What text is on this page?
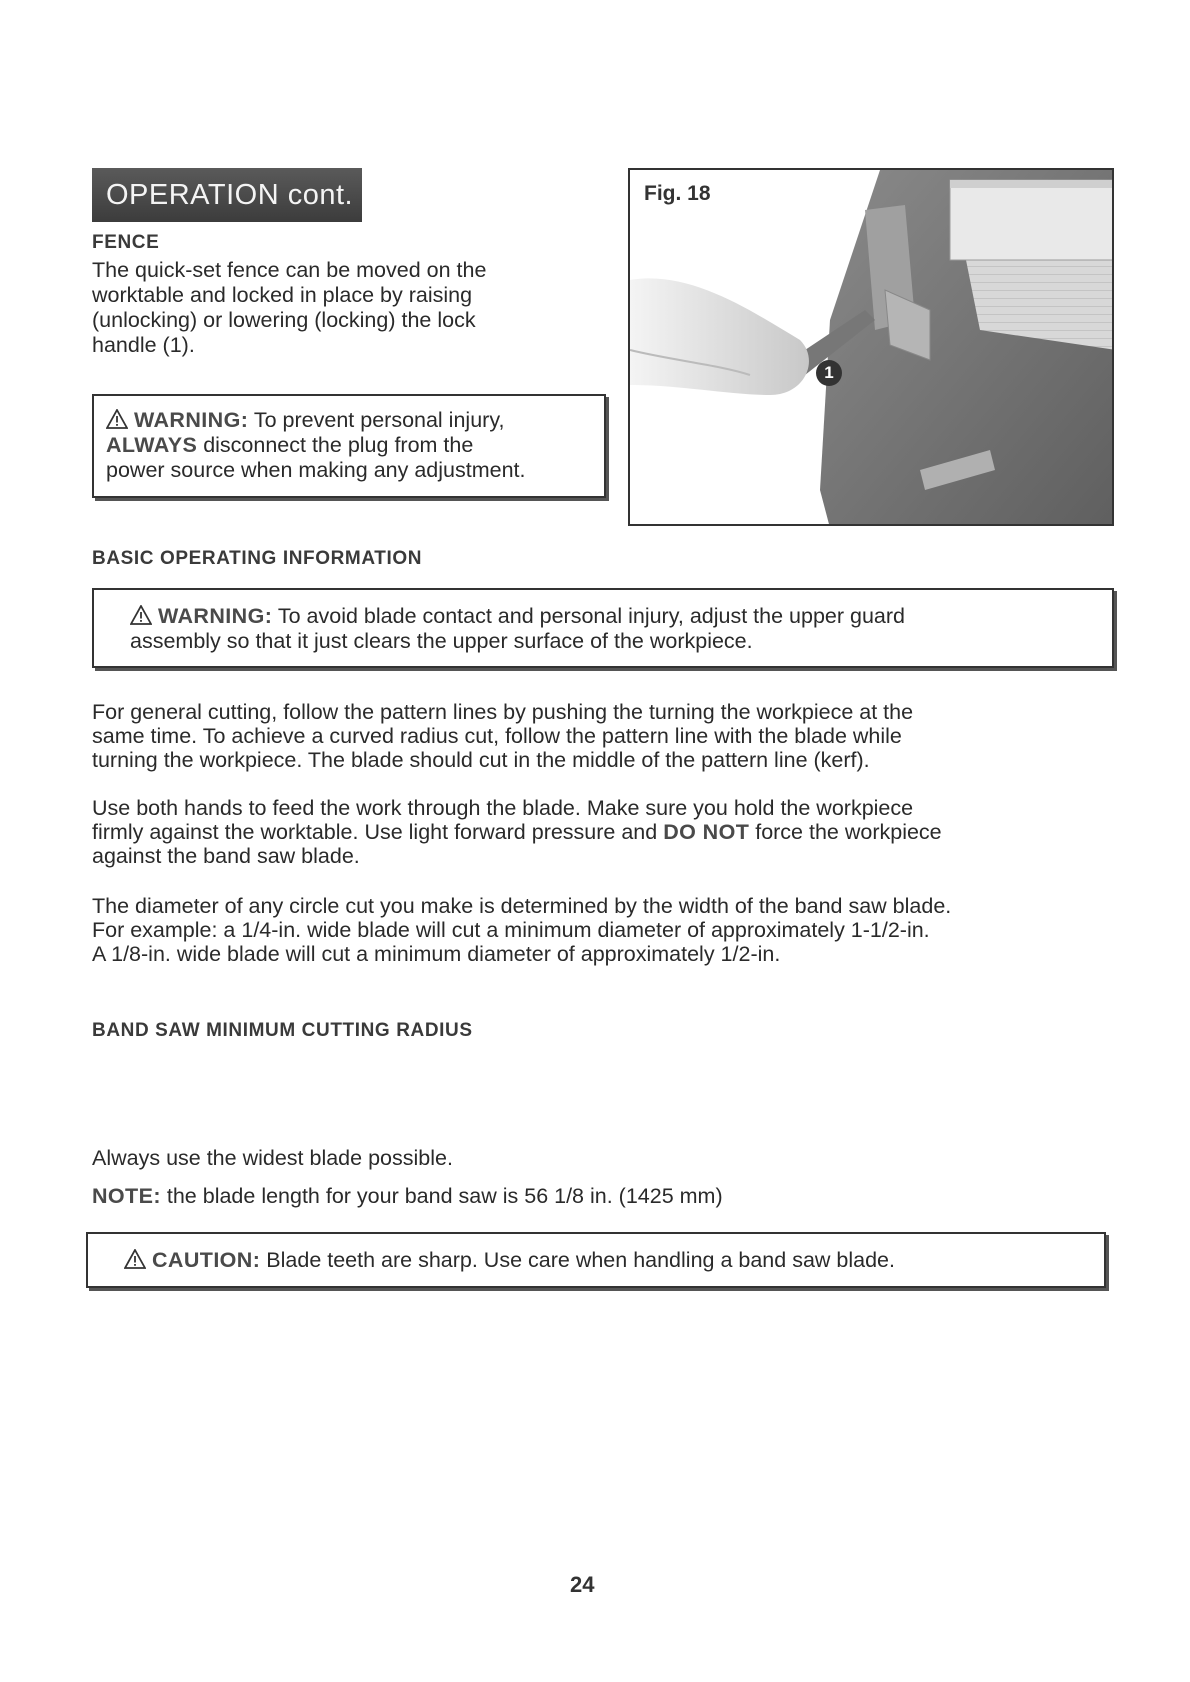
OPERATION cont.
FENCE
The quick-set fence can be moved on the
worktable and locked in place by raising
(unlocking) or lowering (locking) the lock
handle (1).
WARNING: To prevent personal injury,
ALWAYS disconnect the plug from the
power source when making any adjustment.
Fig. 18
1
BASIC OPERATING INFORMATION
WARNING: To avoid blade contact and personal injury, adjust the upper guard
assembly so that it just clears the upper surface of the workpiece.
For general cutting, follow the pattern lines by pushing the turning the workpiece at the
same time. To achieve a curved radius cut, follow the pattern line with the blade while
turning the workpiece. The blade should cut in the middle of the pattern line (kerf).
Use both hands to feed the work through the blade. Make sure you hold the workpiece
firmly against the worktable. Use light forward pressure and DO NOT force the workpiece
against the band saw blade.
The diameter of any circle cut you make is determined by the width of the band saw blade.
For example: a 1/4-in. wide blade will cut a minimum diameter of approximately 1-1/2-in.
A 1/8-in. wide blade will cut a minimum diameter of approximately 1/2-in.
BAND SAW MINIMUM CUTTING RADIUS
Always use the widest blade possible.
NOTE: the blade length for your band saw is 56 1/8 in. (1425 mm)
CAUTION: Blade teeth are sharp. Use care when handling a band saw blade.
24
